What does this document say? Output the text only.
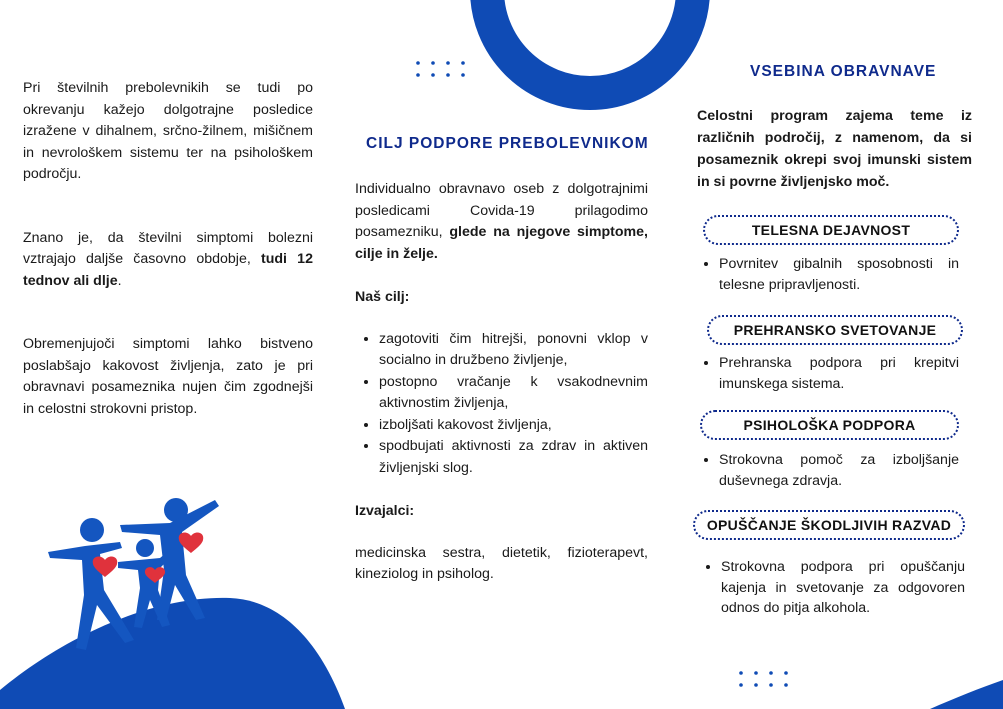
Pri številnih prebolevnikih se tudi po okrevanju kažejo dolgotrajne posledice izražene v dihalnem, srčno-žilnem, mišičnem in nevrološkem sistemu ter na psihološkem področju.

Znano je, da številni simptomi bolezni vztrajajo daljše časovno obdobje, tudi 12 tednov ali dlje.

Obremenjujoči simptomi lahko bistveno poslabšajo kakovost življenja, zato je pri obravnavi posameznika nujen čim zgodnejši in celostni strokovni pristop.

CILJ PODPORE PREBOLEVNIKOM

Individualno obravnavo oseb z dolgotrajnimi posledicami Covida-19 prilagodimo posamezniku, glede na njegove simptome, cilje in želje.

Naš cilj:

• zagotoviti čim hitrejši, ponovni vklop v socialno in družbeno življenje,
• postopno vračanje k vsakodnevnim aktivnostim življenja,
• izboljšati kakovost življenja,
• spodbujati aktivnosti za zdrav in aktiven življenjski slog.

Izvajalci:

medicinska sestra, dietetik, fizioterapevt, kineziolog in psiholog.

VSEBINA OBRAVNAVE
Celostni program zajema teme iz različnih področij, z namenom, da si posameznik okrepi svoj imunski sistem in si povrne življenjsko moč.
TELESNA DEJAVNOST
• Povrnitev gibalnih sposobnosti in telesne pripravljenosti.
PREHRANSKO SVETOVANJE
• Prehranska podpora pri krepitvi imunskega sistema.
PSIHOLOŠKA PODPORA
• Strokovna pomoč za izboljšanje duševnega zdravja.
OPUŠČANJE ŠKODLJIVIH RAZVAD
• Strokovna podpora pri opuščanju kajenja in svetovanje za odgovoren odnos do pitja alkohola.
